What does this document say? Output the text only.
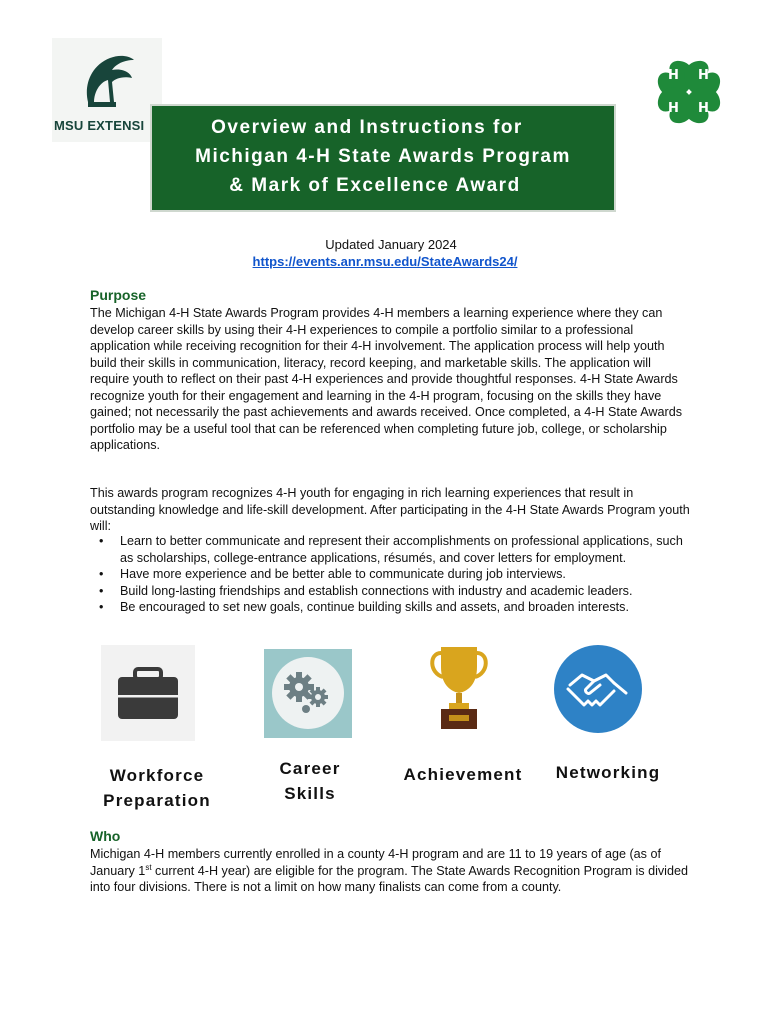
MSU EXTENSI
H H
H H
Overview and Instructions for
Michigan 4-H State Awards Program
& Mark of Excellence Award
Updated January 2024
https://events.anr.msu.edu/StateAwards24/
Purpose

The Michigan 4-H State Awards Program provides 4-H members a learning experience where they can develop career skills by using their 4-H experiences to compile a portfolio similar to a professional application while receiving recognition for their 4-H involvement. The application process will help youth build their skills in communication, literacy, record keeping, and marketable skills. The application will require youth to reflect on their past 4-H experiences and provide thoughtful responses. 4-H State Awards recognize youth for their engagement and learning in the 4-H program, focusing on the skills they have gained; not necessarily the past achievements and awards received. Once completed, a 4-H State Awards portfolio may be a useful tool that can be referenced when completing future job, college, or scholarship applications.

This awards program recognizes 4-H youth for engaging in rich learning experiences that result in outstanding knowledge and life-skill development. After participating in the 4-H State Awards Program youth will:

• Learn to better communicate and represent their accomplishments on professional applications, such as scholarships, college-entrance applications, résumés, and cover letters for employment.
• Have more experience and be better able to communicate during job interviews.
• Build long-lasting friendships and establish connections with industry and academic leaders.
• Be encouraged to set new goals, continue building skills and assets, and broaden interests.
Workforce
Preparation
Career
Skills
Achievement	Networking
Who

Michigan 4-H members currently enrolled in a county 4-H program and are 11 to 19 years of age (as of January 1st current 4-H year) are eligible for the program. The State Awards Recognition Program is divided into four divisions. There is not a limit on how many finalists can come from a county.
